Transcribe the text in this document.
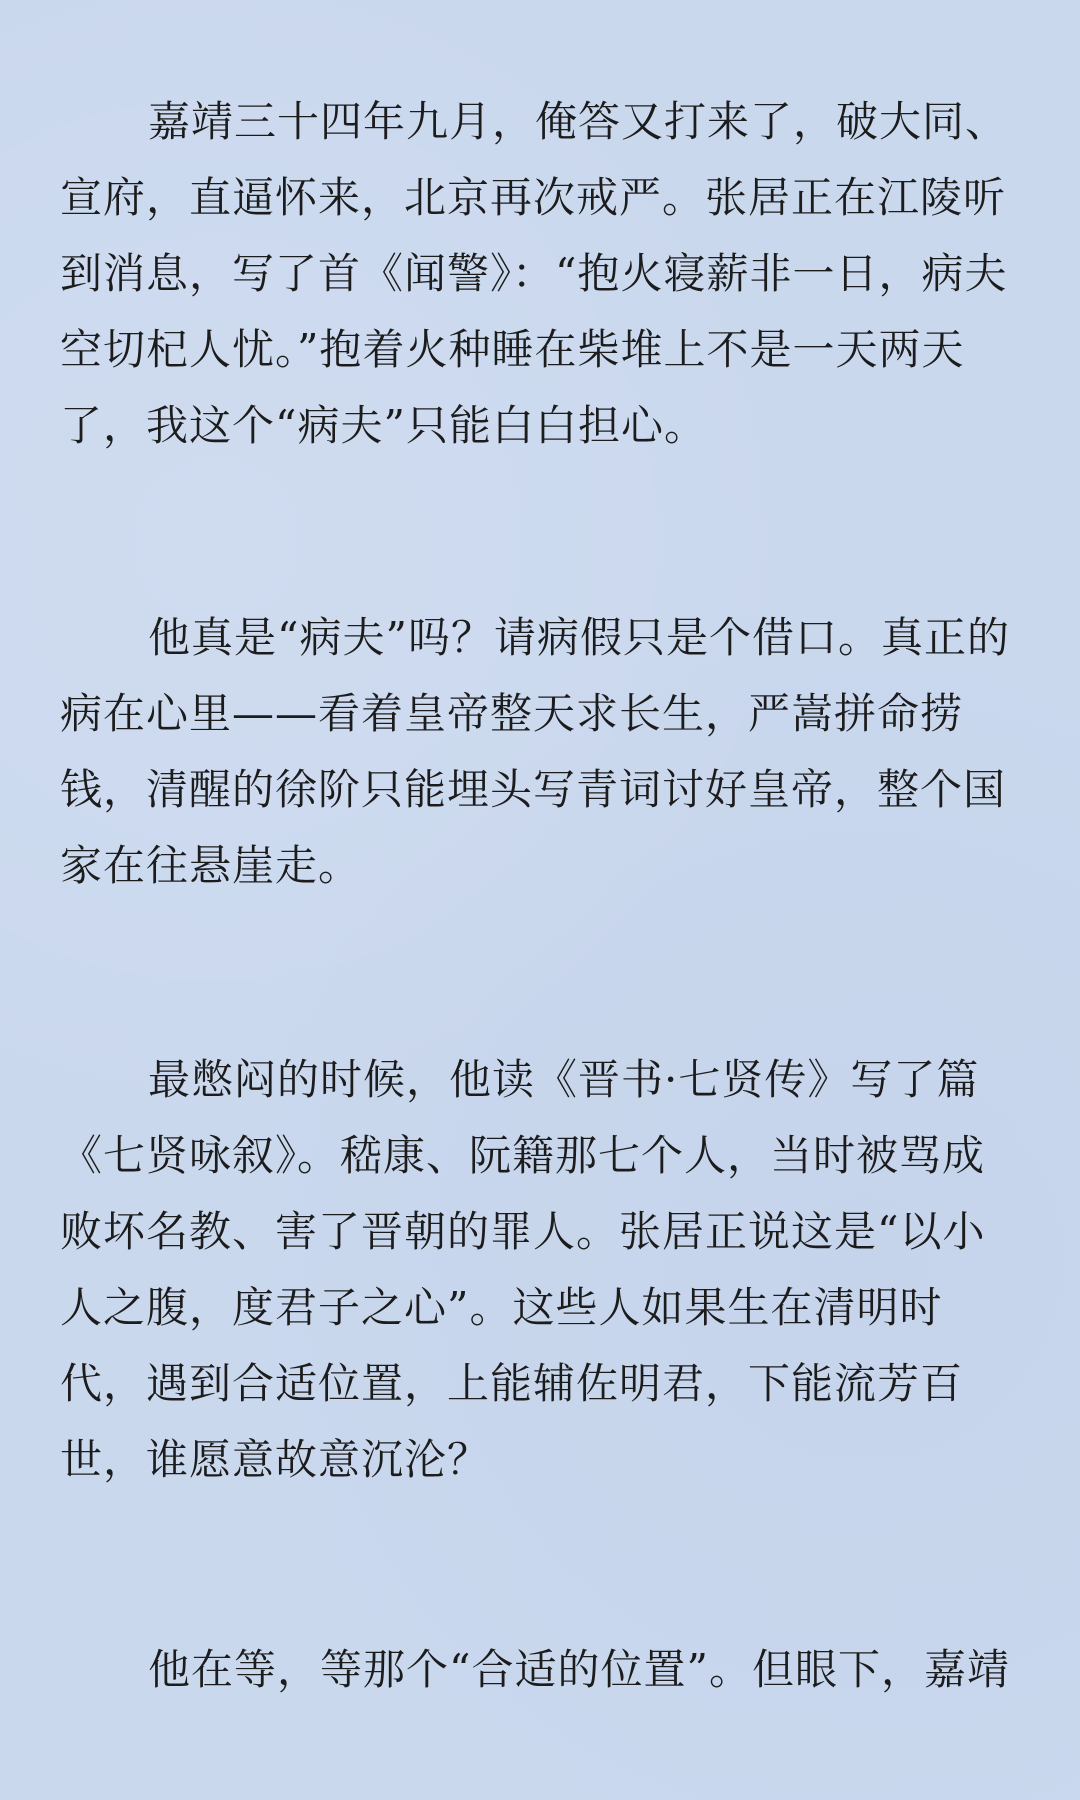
嘉靖三十四年九月，俺答又打来了，破大同、宣府，直逼怀来，北京再次戒严。张居正在江陵听到消息，写了首《闻警》：“抱火寝薪非一日，病夫空切杞人忧。”抱着火种睡在柴堆上不是一天两天了，我这个“病夫”只能白白担心。

他真是“病夫”吗？请病假只是个借口。真正的病在心里——看着皇帝整天求长生，严嵩拼命捞钱，清醒的徐阶只能埋头写青词讨好皇帝，整个国家在往悬崖走。

最憋闷的时候，他读《晋书·七贤传》写了篇《七贤咏叙》。嵇康、阮籍那七个人，当时被骂成败坏名教、害了晋朝的罪人。张居正说这是“以小人之腹，度君子之心”。这些人如果生在清明时代，遇到合适位置，上能辅佐明君，下能流芳百世，谁愿意故意沉沦？

他在等，等那个“合适的位置”。但眼下，嘉靖
